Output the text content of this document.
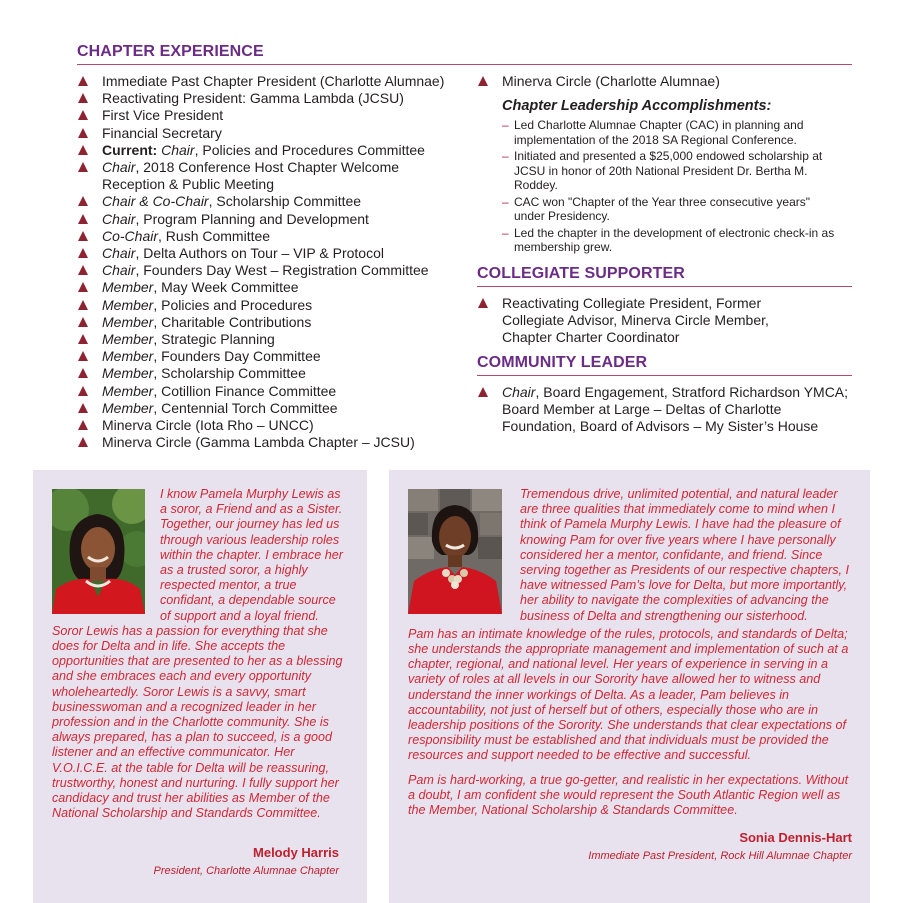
CHAPTER EXPERIENCE
Immediate Past Chapter President (Charlotte Alumnae)
Reactivating President: Gamma Lambda (JCSU)
First Vice President
Financial Secretary
Current: Chair, Policies and Procedures Committee
Chair, 2018 Conference Host Chapter Welcome Reception & Public Meeting
Chair & Co-Chair, Scholarship Committee
Chair, Program Planning and Development
Co-Chair, Rush Committee
Chair, Delta Authors on Tour – VIP & Protocol
Chair, Founders Day West – Registration Committee
Member, May Week Committee
Member, Policies and Procedures
Member, Charitable Contributions
Member, Strategic Planning
Member, Founders Day Committee
Member, Scholarship Committee
Member, Cotillion Finance Committee
Member, Centennial Torch Committee
Minerva Circle (Iota Rho – UNCC)
Minerva Circle (Gamma Lambda Chapter – JCSU)
Minerva Circle (Charlotte Alumnae)
Chapter Leadership Accomplishments:
– Led Charlotte Alumnae Chapter (CAC) in planning and implementation of the 2018 SA Regional Conference.
– Initiated and presented a $25,000 endowed scholarship at JCSU in honor of 20th National President Dr. Bertha M. Roddey.
– CAC won "Chapter of the Year three consecutive years" under Presidency.
– Led the chapter in the development of electronic check-in as membership grew.
COLLEGIATE SUPPORTER
Reactivating Collegiate President, Former Collegiate Advisor, Minerva Circle Member, Chapter Charter Coordinator
COMMUNITY LEADER
Chair, Board Engagement, Stratford Richardson YMCA; Board Member at Large – Deltas of Charlotte Foundation, Board of Advisors – My Sister’s House

I know Pamela Murphy Lewis as a soror, a Friend and as a Sister. Together, our journey has led us through various leadership roles within the chapter. I embrace her as a trusted soror, a highly respected mentor, a true confidant, a dependable source of support and a loyal friend. Soror Lewis has a passion for everything that she does for Delta and in life. She accepts the opportunities that are presented to her as a blessing and she embraces each and every opportunity wholeheartedly. Soror Lewis is a savvy, smart businesswoman and a recognized leader in her profession and in the Charlotte community. She is always prepared, has a plan to succeed, is a good listener and an effective communicator. Her V.O.I.C.E. at the table for Delta will be reassuring, trustworthy, honest and nurturing. I fully support her candidacy and trust her abilities as Member of the National Scholarship and Standards Committee.

Melody Harris
President, Charlotte Alumnae Chapter

Tremendous drive, unlimited potential, and natural leader are three qualities that immediately come to mind when I think of Pamela Murphy Lewis. I have had the pleasure of knowing Pam for over five years where I have personally considered her a mentor, confidante, and friend. Since serving together as Presidents of our respective chapters, I have witnessed Pam’s love for Delta, but more importantly, her ability to navigate the complexities of advancing the business of Delta and strengthening our sisterhood.

Pam has an intimate knowledge of the rules, protocols, and standards of Delta; she understands the appropriate management and implementation of such at a chapter, regional, and national level. Her years of experience in serving in a variety of roles at all levels in our Sorority have allowed her to witness and understand the inner workings of Delta. As a leader, Pam believes in accountability, not just of herself but of others, especially those who are in leadership positions of the Sorority. She understands that clear expectations of responsibility must be established and that individuals must be provided the resources and support needed to be effective and successful.

Pam is hard-working, a true go-getter, and realistic in her expectations. Without a doubt, I am confident she would represent the South Atlantic Region well as the Member, National Scholarship & Standards Committee.

Sonia Dennis-Hart
Immediate Past President, Rock Hill Alumnae Chapter
